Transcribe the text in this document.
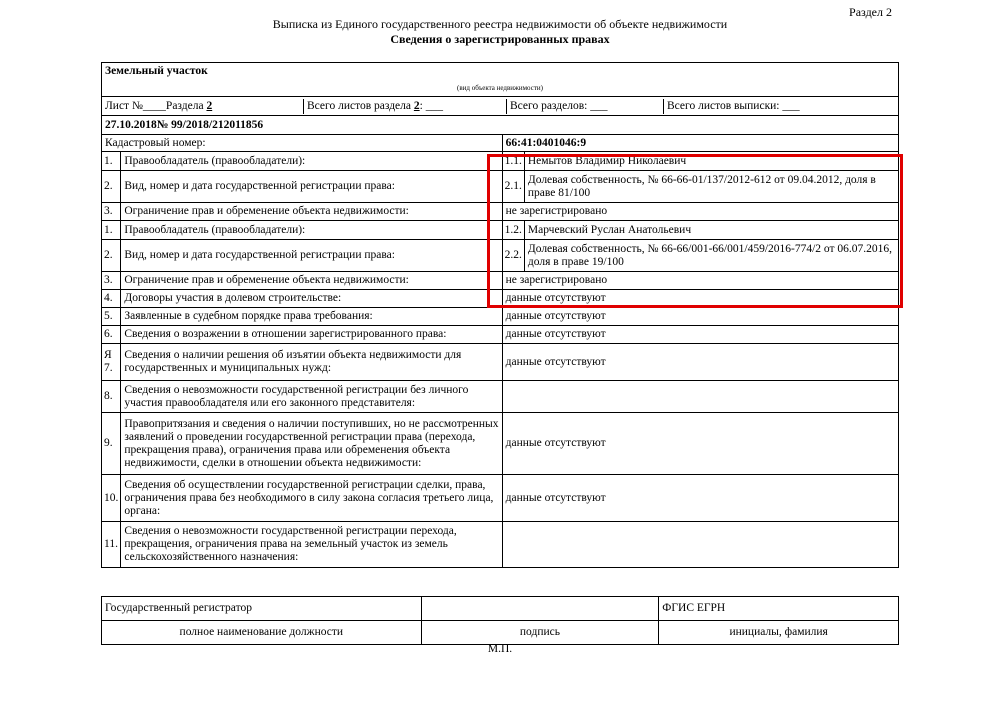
Раздел 2
Выписка из Единого государственного реестра недвижимости об объекте недвижимости
Сведения о зарегистрированных правах
Земельный участок
(вид объекта недвижимости)

Лист №____Раздела 2	Всего листов раздела 2: ___	Всего разделов: ___	Всего листов выписки: ___

27.10.2018№ 99/2018/212011856
Кадастровый номер:	66:41:0401046:9
1.	Правообладатель (правообладатели):	1.1.	Немытов Владимир Николаевич
2.	Вид, номер и дата государственной регистрации права:	2.1.	Долевая собственность, № 66-66-01/137/2012-612 от 09.04.2012, доля в праве 81/100
3.	Ограничение прав и обременение объекта недвижимости:	не зарегистрировано
1.	Правообладатель (правообладатели):	1.2.	Марчевский Руслан Анатольевич
2.	Вид, номер и дата государственной регистрации права:	2.2.	Долевая собственность, № 66-66/001-66/001/459/2016-774/2 от 06.07.2016, доля в праве 19/100
3.	Ограничение прав и обременение объекта недвижимости:	не зарегистрировано
4.	Договоры участия в долевом строительстве:	данные отсутствуют
5.	Заявленные в судебном порядке права требования:	данные отсутствуют
6.	Сведения о возражении в отношении зарегистрированного права:	данные отсутствуют
Я 7.	Сведения о наличии решения об изъятии объекта недвижимости для государственных и муниципальных нужд:	данные отсутствуют
8.	Сведения о невозможности государственной регистрации без личного участия правообладателя или его законного представителя:	
9.	Правопритязания и сведения о наличии поступивших, но не рассмотренных заявлений о проведении государственной регистрации права (перехода, прекращения права), ограничения права или обременения объекта недвижимости, сделки в отношении объекта недвижимости:	данные отсутствуют
10.	Сведения об осуществлении государственной регистрации сделки, права, ограничения права без необходимого в силу закона согласия третьего лица, органа:	данные отсутствуют
11.	Сведения о невозможности государственной регистрации перехода, прекращения, ограничения права на земельный участок из земель сельскохозяйственного назначения:	
Государственный регистратор		ФГИС ЕГРН
полное наименование должности	подпись	инициалы, фамилия
М.П.
